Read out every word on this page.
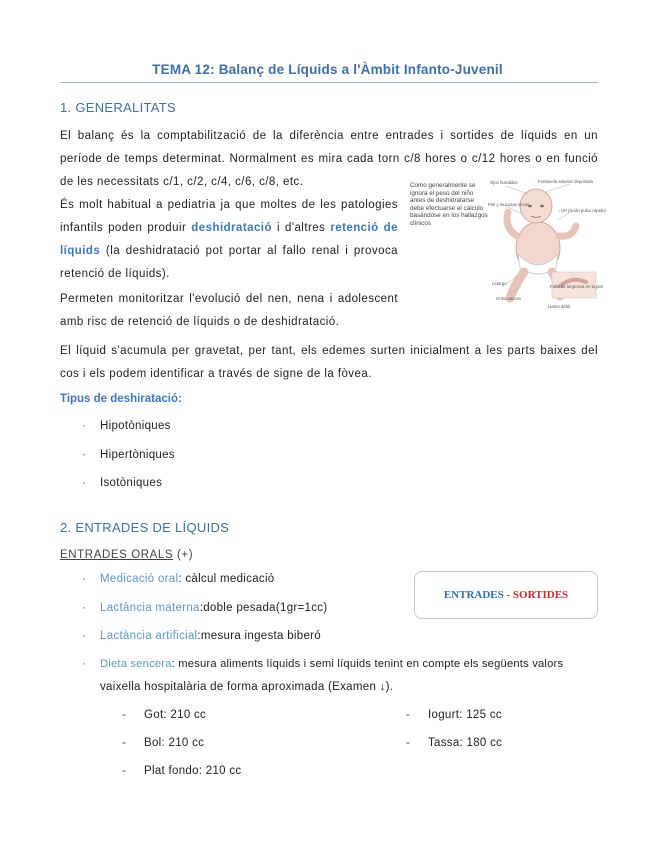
TEMA 12: Balanç de Líquids a l'Àmbit Infanto-Juvenil
1. GENERALITATS

El balanç és la comptabilització de la diferència entre entrades i sortides de líquids en un període de temps determinat. Normalment es mira cada torn c/8 hores o c/12 hores o en funció de les necessitats c/1, c/2, c/4, c/6, c/8, etc.

És molt habitual a pediatria ja que moltes de les patologies infantils poden produir deshidratació i d'altres retenció de líquids (la deshidratació pot portar al fallo renal i provoca retenció de líquids).

Permeten monitoritzar l'evolució del nen, nena i adolescent amb risc de retenció de líquids o de deshidratació.

El líquid s'acumula per gravetat, per tant, els edemes surten inicialment a les parts baixes del cos i els podem identificar a través de signe de la fòvea.

Tipus de deshiratació:
· Hipotòniques
· Hipertòniques
· Isotòniques
Como generalmente se ignora el peso del niño antes de deshidratarse debe efectuarse el cálculo basándose en los hallazgos clínicos
Ojos hundidos	Fontanela anterior deprimida
Piel y mucosas secas
↓ pH (ácido pulso rápido)
Letargo
Orina oscura
Falta de turgencia en la piel
Llanto débil
2. ENTRADES DE LÍQUIDS
ENTRADES ORALS (+)
ENTRADES - SORTIDES
· Medicació oral: càlcul medicació
· Lactància materna:doble pesada(1gr=1cc)
· Lactància artificial:mesura ingesta biberó
· Dieta sencera: mesura aliments líquids i semi líquids tenint en compte els següents valors
vaixella hospitalària de forma aproximada (Examen ↓).
- Got: 210 cc
- Bol: 210 cc
- Plat fondo: 210 cc
- Iogurt: 125 cc
- Tassa: 180 cc
